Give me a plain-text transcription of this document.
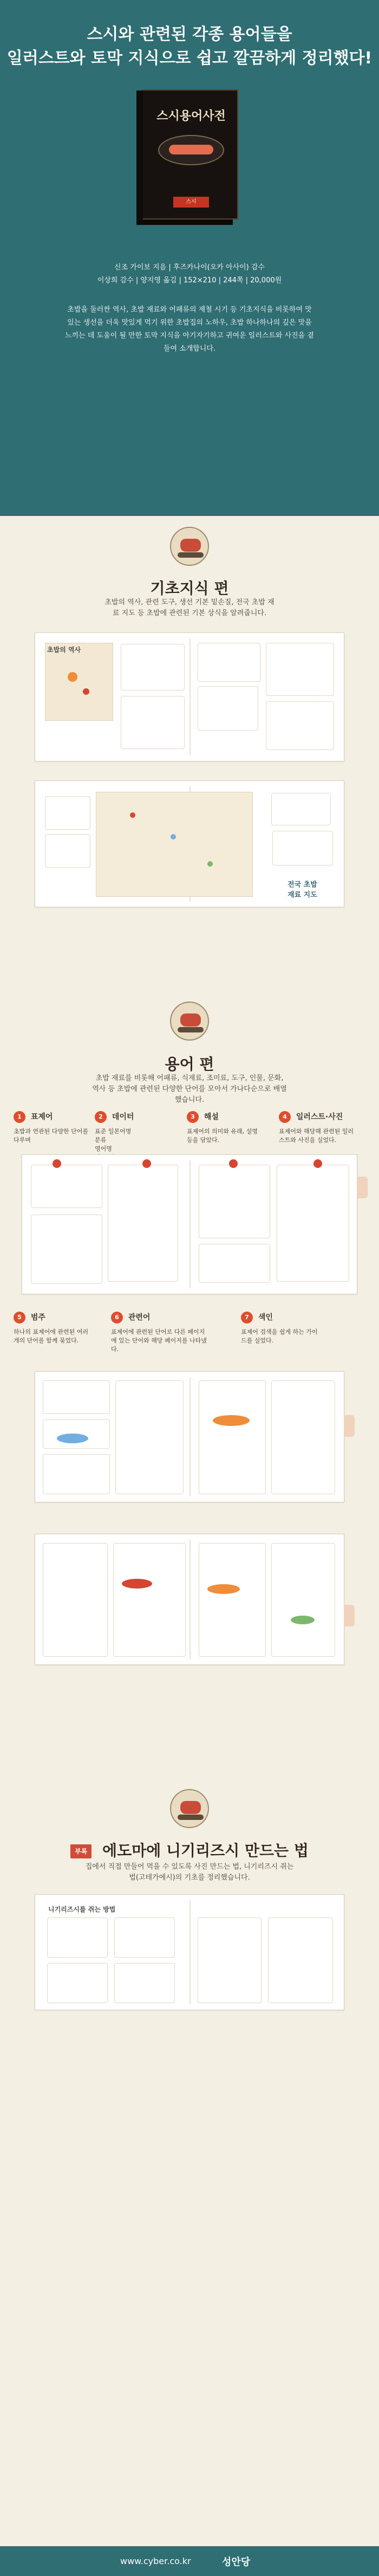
스시와 관련된 각종 용어들을
일러스트와 토막 지식으로 쉽고 깔끔하게 정리했다!
스시용어사전
스시
신조 가이보 지음 | 후즈카나이(오카 아사이) 감수
이상희 감수 | 양지영 옮김 | 152×210 | 244쪽 | 20,000원
초밥을 둘러싼 역사, 초밥 재료와 어패류의 제철 시기 등 기초지식을 비롯하여 맛있는 생선을 더욱 맛있게 먹기 위한 초밥집의 노하우, 초밥 하나하나의 깊은 맛을 느끼는 데 도움이 될 만한 토막 지식을 아기자기하고 귀여운 일러스트와 사진을 곁들여 소개합니다.
기초지식 편
초밥의 역사, 관련 도구, 생선 기본 밑손질, 전국 초밥 재료 지도 등 초밥에 관련된 기본 상식을 알려줍니다.
초밥의 역사
전국 초밥
재료 지도
용어 편
초밥 재료를 비롯해 어패류, 식재료, 조미료, 도구, 인물, 문화, 역사 등 초밥에 관련된 다양한 단어를 모아서 가나다순으로 배열했습니다.
1 표제어
초밥과 연관된 다양한 단어를 다루며
2 데이터
표준 일본어명
분류
영어명

3 해설
표제어의 의미와 유래, 설명 등을 담았다.
4 일러스트·사진
표제어와 해당해 관련된 일러스트와 사진을 실었다.
5 범주
하나의 표제어에 관련된 여러 개의 단어를 함께 묶었다.
6 관련어
표제어에 관련된 단어로 다른 페이지에 있는 단어와 해당 페이지를 나타냈다.
7 색인
표제어 검색을 쉽게 하는 가이드를 실었다.
부록 에도마에 니기리즈시 만드는 법
집에서 직접 만들어 먹을 수 있도록 사진 만드는 법, 니기리즈시 쥐는 법(고테가에시)의 기초를 정리했습니다.
니기리즈시를 쥐는 방법
www.cyber.co.kr	성안당
